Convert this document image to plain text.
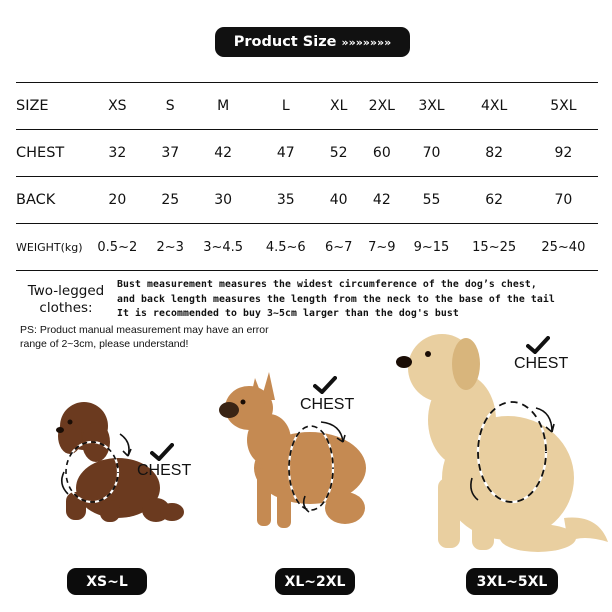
Product Size »»»»»»»
SIZE	XS	S	M	L	XL	2XL	3XL	4XL	5XL
CHEST	32	37	42	47	52	60	70	82	92
BACK	20	25	30	35	40	42	55	62	70
WEIGHT(kg)	0.5~2	2~3	3~4.5	4.5~6	6~7	7~9	9~15	15~25	25~40
Two-legged clothes:
Bust measurement measures the widest circumference of the dog’s chest,
and back length measures the length from the neck to the base of the tail
It is recommended to buy 3~5cm larger than the dog's bust
PS: Product manual measurement may have an error
range of 2~3cm, please understand!
CHEST
CHEST
CHEST
XS~L	XL~2XL	3XL~5XL
